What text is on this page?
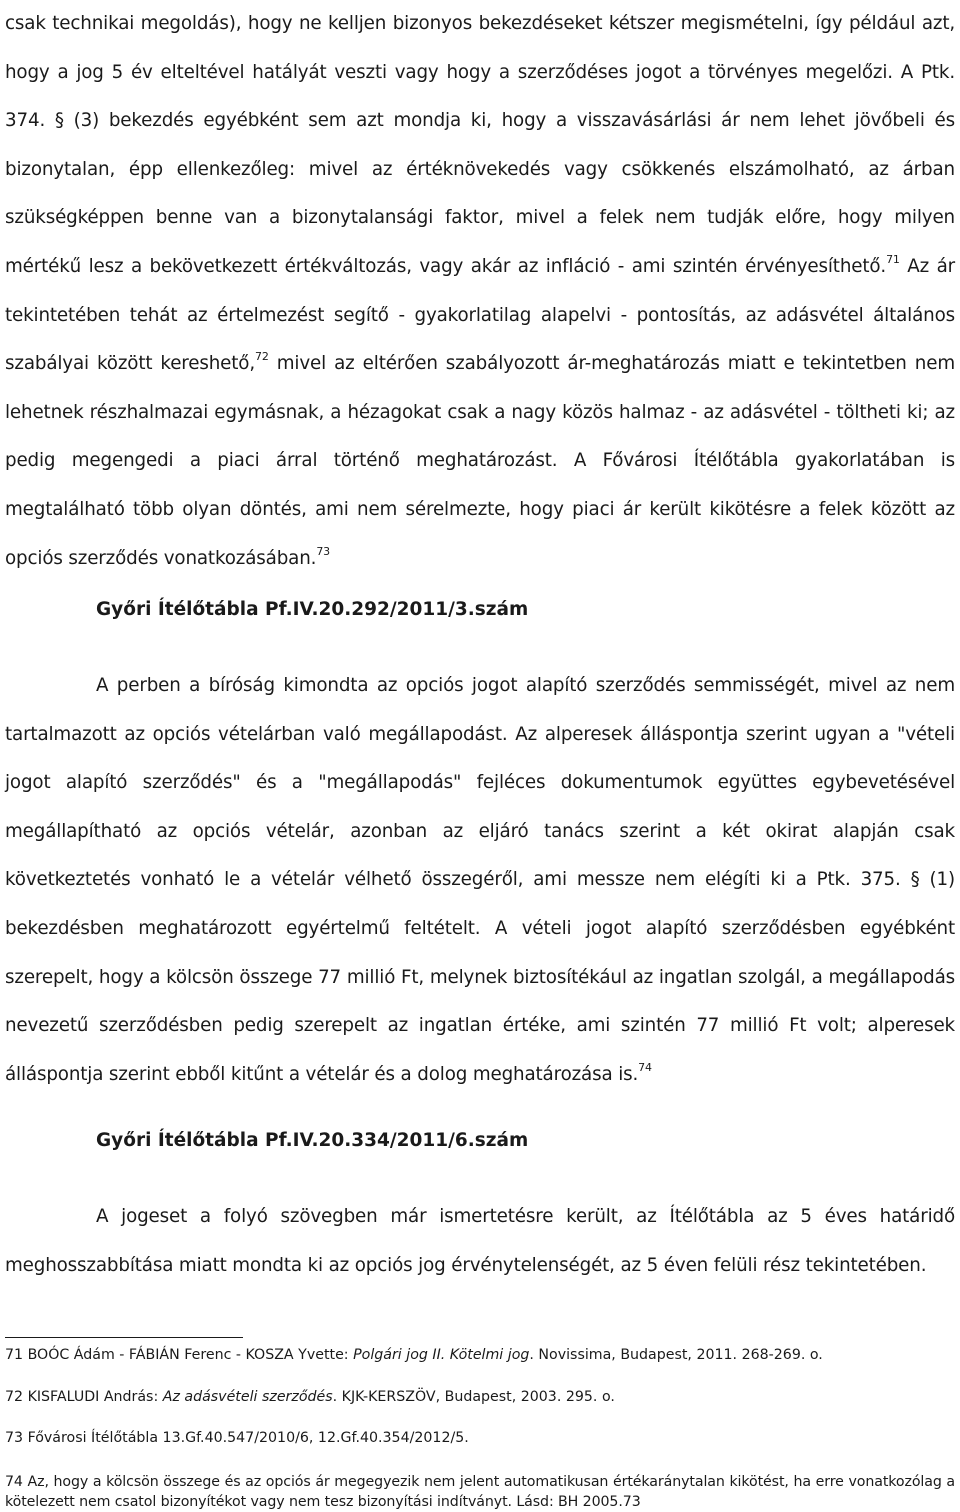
csak technikai megoldás), hogy ne kelljen bizonyos bekezdéseket kétszer megismételni, így például azt, hogy a jog 5 év elteltével hatályát veszti vagy hogy a szerződéses jogot a törvényes megelőzi. A Ptk. 374. § (3) bekezdés egyébként sem azt mondja ki, hogy a visszavásárlási ár nem lehet jövőbeli és bizonytalan, épp ellenkezőleg: mivel az értéknövekedés vagy csökkenés elszámolható, az árban szükségképpen benne van a bizonytalansági faktor, mivel a felek nem tudják előre, hogy milyen mértékű lesz a bekövetkezett értékváltozás, vagy akár az infláció - ami szintén érvényesíthető.$^{71}$ Az ár tekintetében tehát az értelmezést segítő - gyakorlatilag alapelvi - pontosítás, az adásvétel általános szabályai között kereshető,$^{72}$ mivel az eltérően szabályozott ár-meghatározás miatt e tekintetben nem lehetnek részhalmazai egymásnak, a hézagokat csak a nagy közös halmaz - az adásvétel - töltheti ki; az pedig megengedi a piaci árral történő meghatározást. A Fővárosi Ítélőtábla gyakorlatában is megtalálható több olyan döntés, ami nem sérelmezte, hogy piaci ár került kikötésre a felek között az opciós szerződés vonatkozásában.$^{73}$

Győri Ítélőtábla Pf.IV.20.292/2011/3.szám

A perben a bíróság kimondta az opciós jogot alapító szerződés semmisségét, mivel az nem tartalmazott az opciós vételárban való megállapodást. Az alperesek álláspontja szerint ugyan a "vételi jogot alapító szerződés" és a "megállapodás" fejléces dokumentumok együttes egybevetésével megállapítható az opciós vételár, azonban az eljáró tanács szerint a két okirat alapján csak következtetés vonható le a vételár vélhető összegéről, ami messze nem elégíti ki a Ptk. 375. § (1) bekezdésben meghatározott egyértelmű feltételt. A vételi jogot alapító szerződésben egyébként szerepelt, hogy a kölcsön összege 77 millió Ft, melynek biztosítékául az ingatlan szolgál, a megállapodás nevezetű szerződésben pedig szerepelt az ingatlan értéke, ami szintén 77 millió Ft volt; alperesek álláspontja szerint ebből kitűnt a vételár és a dolog meghatározása is.$^{74}$

Győri Ítélőtábla Pf.IV.20.334/2011/6.szám

A jogeset a folyó szövegben már ismertetésre került, az Ítélőtábla az 5 éves határidő meghosszabbítása miatt mondta ki az opciós jog érvénytelenségét, az 5 éven felüli rész tekintetében.

71 BOÓC Ádám - FÁBIÁN Ferenc - KOSZA Yvette: Polgári jog II. Kötelmi jog. Novissima, Budapest, 2011. 268-269. o.

72 KISFALUDI András: Az adásvételi szerződés. KJK-KERSZÖV, Budapest, 2003. 295. o.

73 Fővárosi Ítélőtábla 13.Gf.40.547/2010/6, 12.Gf.40.354/2012/5.

74 Az, hogy a kölcsön összege és az opciós ár megegyezik nem jelent automatikusan értékaránytalan kikötést, ha erre vonatkozólag a kötelezett nem csatol bizonyítékot vagy nem tesz bizonyítási indítványt. Lásd: BH 2005.73
